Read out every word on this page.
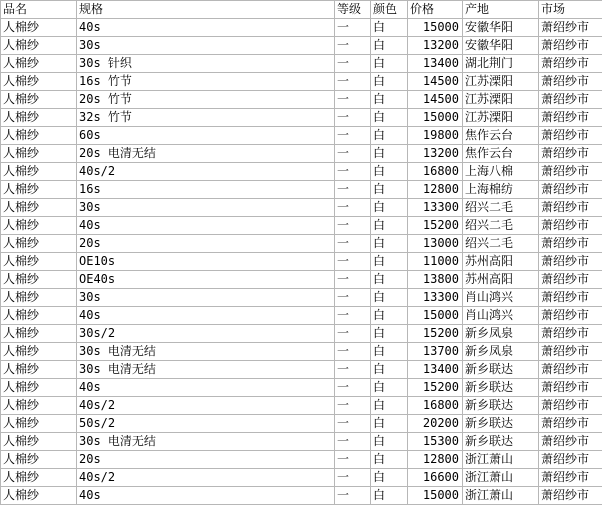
品名	规格	等级	颜色	价格	产地	市场
人棉纱	40s	一	白	15000	安徽华阳	萧绍纱市
人棉纱	30s	一	白	13200	安徽华阳	萧绍纱市
人棉纱	30s 针织	一	白	13400	湖北荆门	萧绍纱市
人棉纱	16s 竹节	一	白	14500	江苏溧阳	萧绍纱市
人棉纱	20s 竹节	一	白	14500	江苏溧阳	萧绍纱市
人棉纱	32s 竹节	一	白	15000	江苏溧阳	萧绍纱市
人棉纱	60s	一	白	19800	焦作云台	萧绍纱市
人棉纱	20s 电清无结	一	白	13200	焦作云台	萧绍纱市
人棉纱	40s/2	一	白	16800	上海八棉	萧绍纱市
人棉纱	16s	一	白	12800	上海棉纺	萧绍纱市
人棉纱	30s	一	白	13300	绍兴二毛	萧绍纱市
人棉纱	40s	一	白	15200	绍兴二毛	萧绍纱市
人棉纱	20s	一	白	13000	绍兴二毛	萧绍纱市
人棉纱	OE10s	一	白	11000	苏州高阳	萧绍纱市
人棉纱	OE40s	一	白	13800	苏州高阳	萧绍纱市
人棉纱	30s	一	白	13300	肖山鸿兴	萧绍纱市
人棉纱	40s	一	白	15000	肖山鸿兴	萧绍纱市
人棉纱	30s/2	一	白	15200	新乡凤泉	萧绍纱市
人棉纱	30s 电清无结	一	白	13700	新乡凤泉	萧绍纱市
人棉纱	30s 电清无结	一	白	13400	新乡联达	萧绍纱市
人棉纱	40s	一	白	15200	新乡联达	萧绍纱市
人棉纱	40s/2	一	白	16800	新乡联达	萧绍纱市
人棉纱	50s/2	一	白	20200	新乡联达	萧绍纱市
人棉纱	30s 电清无结	一	白	15300	新乡联达	萧绍纱市
人棉纱	20s	一	白	12800	浙江萧山	萧绍纱市
人棉纱	40s/2	一	白	16600	浙江萧山	萧绍纱市
人棉纱	40s	一	白	15000	浙江萧山	萧绍纱市
